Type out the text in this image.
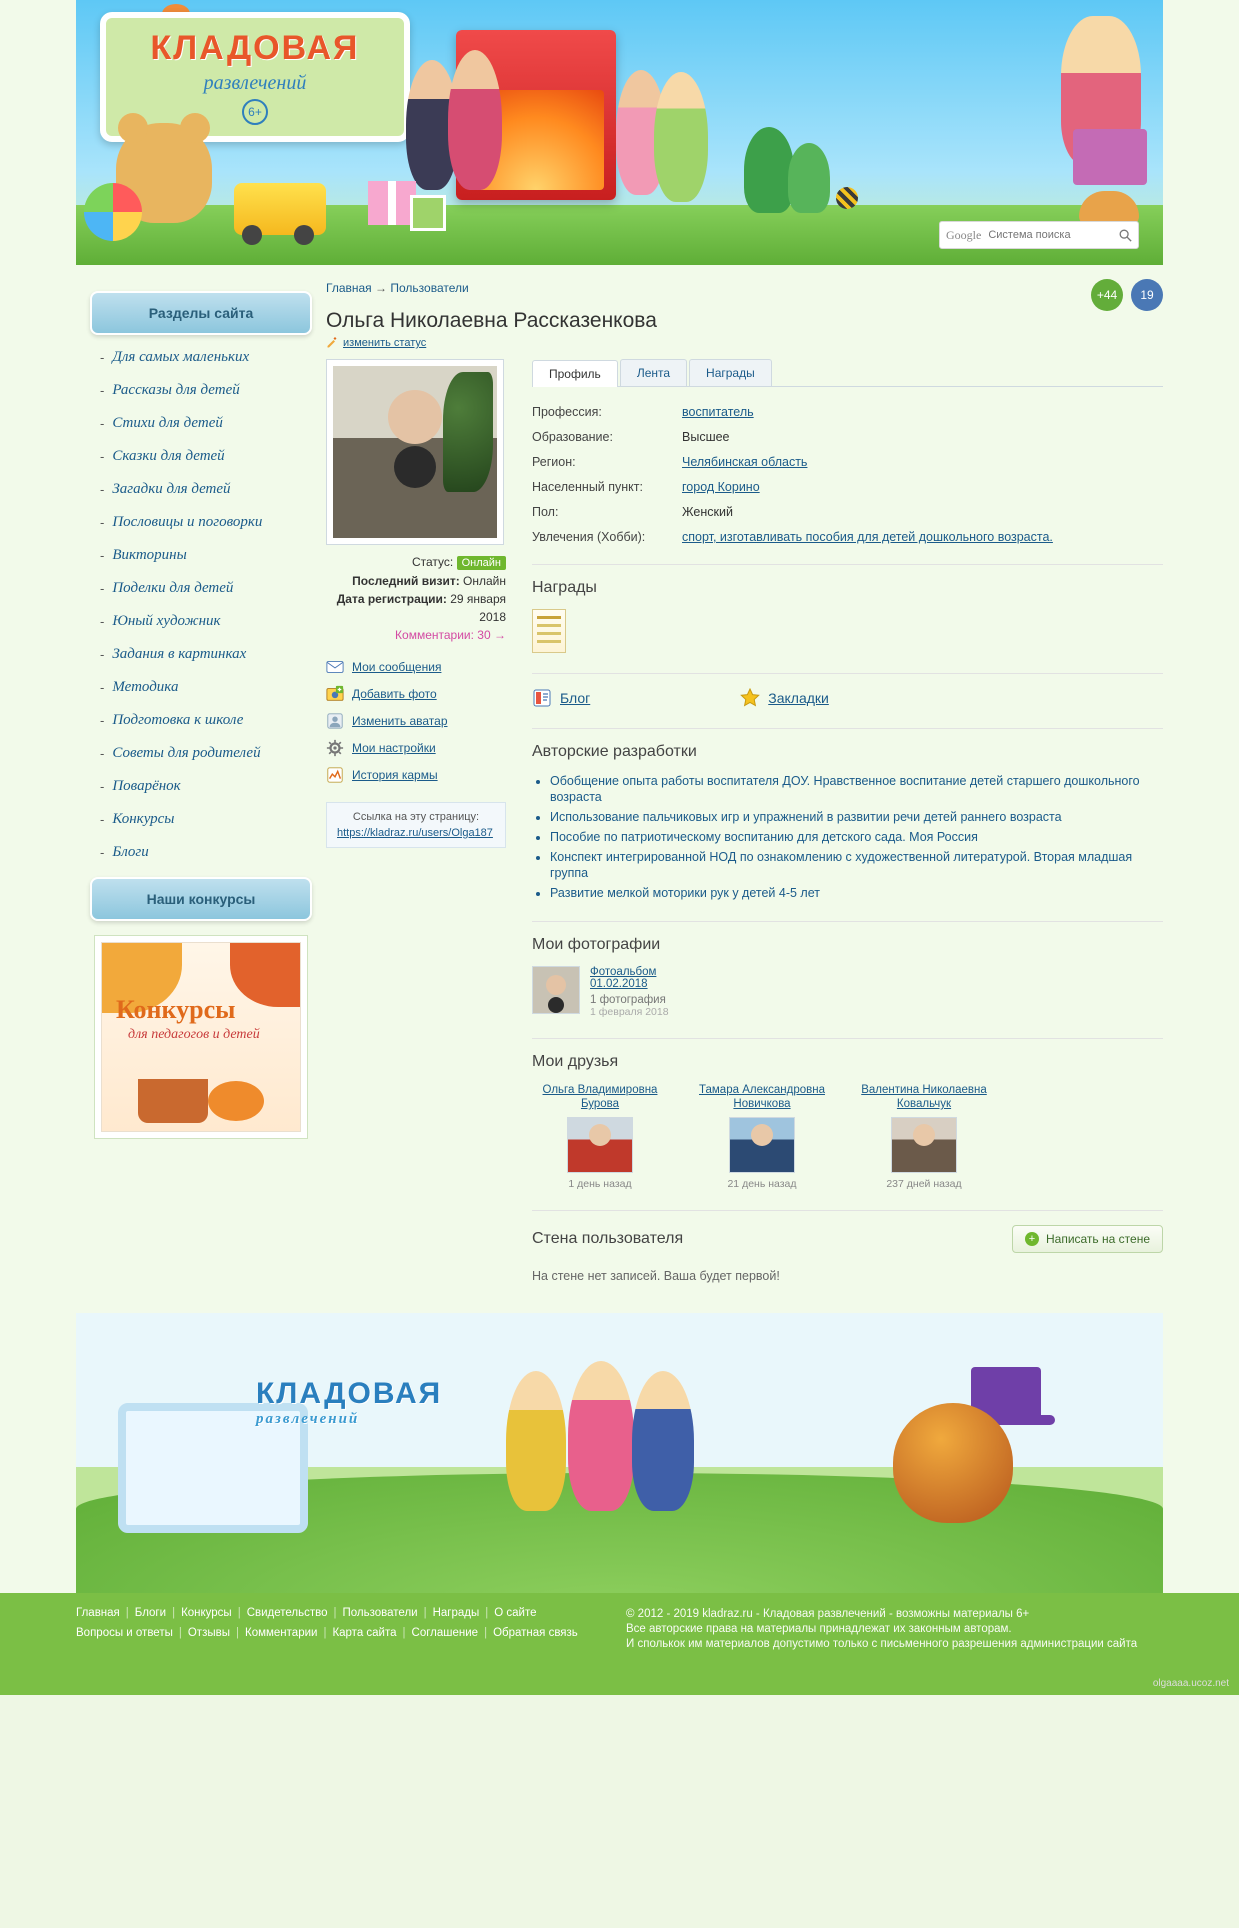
КЛАДОВАЯ
развлечений
6+
Google
Система поиска
Разделы сайта
- Для самых маленьких
- Рассказы для детей
- Стихи для детей
- Сказки для детей
- Загадки для детей
- Пословицы и поговорки
- Викторины
- Поделки для детей
- Юный художник
- Задания в картинках
- Методика
- Подготовка к школе
- Советы для родителей
- Поварёнок
- Конкурсы
- Блоги
Наши конкурсы
Конкурсы
для педагогов и детей
Главная → Пользователи	+44	19
Ольга Николаевна Рассказенкова
изменить статус
Статус: Онлайн
Последний визит: Онлайн
Дата регистрации: 29 января 2018
Комментарии: 30 →
Мои сообщения
Добавить фото
Изменить аватар
Мои настройки
История кармы
Ссылка на эту страницу:
https://kladraz.ru/users/Olga187
Профиль	Лента	Награды
Профессия:	воспитатель
Образование:	Высшее
Регион:	Челябинская область
Населенный пункт:	город Корино
Пол:	Женский
Увлечения (Хобби):	спорт, изготавливать пособия для детей дошкольного возраста.
Награды
Блог	Закладки
Авторские разработки
• Обобщение опыта работы воспитателя ДОУ. Нравственное воспитание детей старшего дошкольного возраста
• Использование пальчиковых игр и упражнений в развитии речи детей раннего возраста
• Пособие по патриотическому воспитанию для детского сада. Моя Россия
• Конспект интегрированной НОД по ознакомлению с художественной литературой. Вторая младшая группа
• Развитие мелкой моторики рук у детей 4-5 лет
Мои фотографии
Фотоальбом
01.02.2018
1 фотография
1 февраля 2018
Мои друзья
Ольга Владимировна Бурова
1 день назад
Тамара Александровна Новичкова
21 день назад
Валентина Николаевна Ковальчук
237 дней назад
Стена пользователя	+ Написать на стене
На стене нет записей. Ваша будет первой!
КЛАДОВАЯ
развлечений
Главная | Блоги | Конкурсы | Свидетельство | Пользователи | Награды | О сайте
Вопросы и ответы | Отзывы | Комментарии | Карта сайта | Соглашение | Обратная связь
© 2012 - 2019 kladraz.ru - Кладовая развлечений - возможны материалы 6+
Все авторские права на материалы принадлежат их законным авторам.
И сполькок им материалов допустимо только с письменного разрешения администрации сайта
olgaaaa.ucoz.net
